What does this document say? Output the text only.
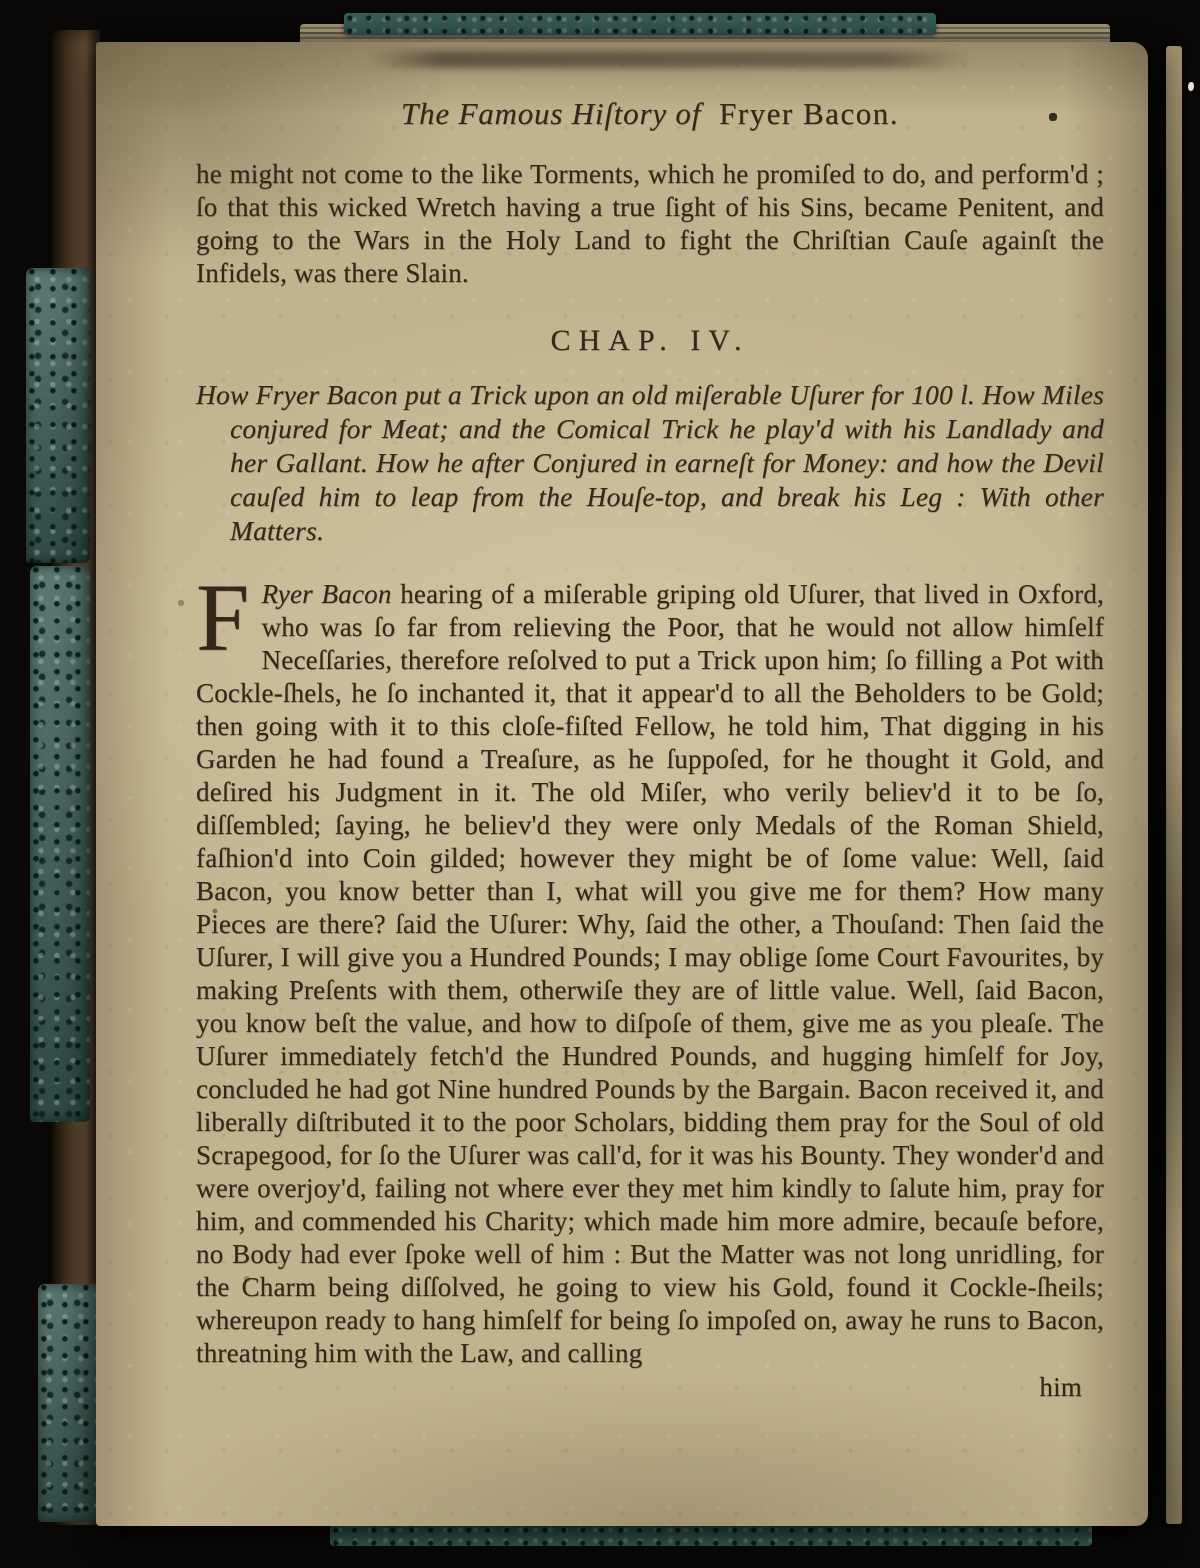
The Famous Hiſtory of Fryer Bacon.
he might not come to the like Torments, which he promiſed to do, and perform'd ; ſo that this wicked Wretch having a true ſight of his Sins, became Penitent, and going to the Wars in the Holy Land to fight the Chriſtian Cauſe againſt the Infidels, was there Slain.
CHAP. IV.
How Fryer Bacon put a Trick upon an old miſerable Uſurer for 100 l. How Miles conjured for Meat; and the Comical Trick he play'd with his Landlady and her Gallant. How he after Conjured in earneſt for Money: and how the Devil cauſed him to leap from the Houſe-top, and break his Leg : With other Matters.
F Ryer Bacon hearing of a miſerable griping old Uſurer, that lived in Oxford, who was ſo far from relieving the Poor, that he would not allow himſelf Neceſſaries, therefore reſolved to put a Trick upon him; ſo filling a Pot with Cockle-ſhels, he ſo inchanted it, that it appear'd to all the Beholders to be Gold; then going with it to this cloſe-fiſted Fellow, he told him, That digging in his Garden he had found a Treaſure, as he ſuppoſed, for he thought it Gold, and deſired his Judgment in it. The old Miſer, who verily believ'd it to be ſo, diſſembled; ſaying, he believ'd they were only Medals of the Roman Shield, faſhion'd into Coin gilded; however they might be of ſome value: Well, ſaid Bacon, you know better than I, what will you give me for them? How many Pieces are there? ſaid the Uſurer: Why, ſaid the other, a Thouſand: Then ſaid the Uſurer, I will give you a Hundred Pounds; I may oblige ſome Court Favourites, by making Preſents with them, otherwiſe they are of little value. Well, ſaid Bacon, you know beſt the value, and how to diſpoſe of them, give me as you pleaſe. The Uſurer immediately fetch'd the Hundred Pounds, and hugging himſelf for Joy, concluded he had got Nine hundred Pounds by the Bargain. Bacon received it, and liberally diſtributed it to the poor Scholars, bidding them pray for the Soul of old Scrapegood, for ſo the Uſurer was call'd, for it was his Bounty. They wonder'd and were overjoy'd, failing not where ever they met him kindly to ſalute him, pray for him, and commended his Charity; which made him more admire, becauſe before, no Body had ever ſpoke well of him : But the Matter was not long unridling, for the Charm being diſſolved, he going to view his Gold, found it Cockle-ſheils; whereupon ready to hang himſelf for being ſo impoſed on, away he runs to Bacon, threatning him with the Law, and calling
him
